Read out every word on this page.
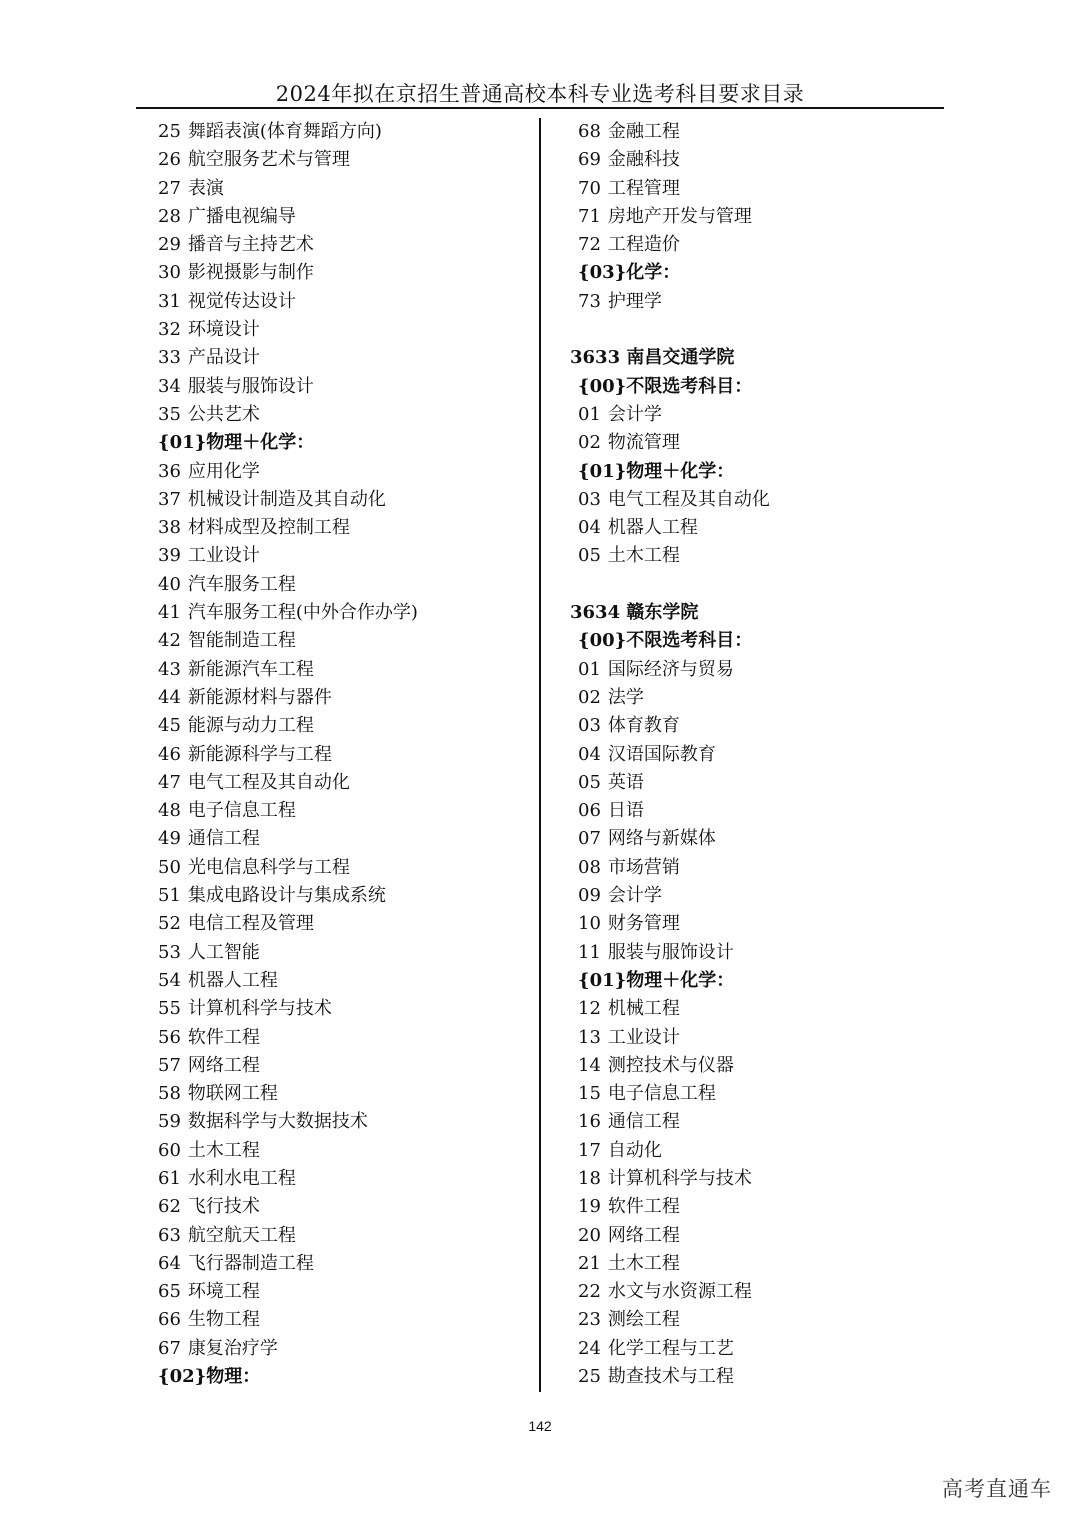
2024年拟在京招生普通高校本科专业选考科目要求目录
25 舞蹈表演(体育舞蹈方向)
26 航空服务艺术与管理
27 表演
28 广播电视编导
29 播音与主持艺术
30 影视摄影与制作
31 视觉传达设计
32 环境设计
33 产品设计
34 服装与服饰设计
35 公共艺术
{01}物理＋化学：
36 应用化学
37 机械设计制造及其自动化
38 材料成型及控制工程
39 工业设计
40 汽车服务工程
41 汽车服务工程(中外合作办学)
42 智能制造工程
43 新能源汽车工程
44 新能源材料与器件
45 能源与动力工程
46 新能源科学与工程
47 电气工程及其自动化
48 电子信息工程
49 通信工程
50 光电信息科学与工程
51 集成电路设计与集成系统
52 电信工程及管理
53 人工智能
54 机器人工程
55 计算机科学与技术
56 软件工程
57 网络工程
58 物联网工程
59 数据科学与大数据技术
60 土木工程
61 水利水电工程
62 飞行技术
63 航空航天工程
64 飞行器制造工程
65 环境工程
66 生物工程
67 康复治疗学
{02}物理：
68 金融工程
69 金融科技
70 工程管理
71 房地产开发与管理
72 工程造价
{03}化学：
73 护理学
3633 南昌交通学院
{00}不限选考科目：
01 会计学
02 物流管理
{01}物理＋化学：
03 电气工程及其自动化
04 机器人工程
05 土木工程
3634 赣东学院
{00}不限选考科目：
01 国际经济与贸易
02 法学
03 体育教育
04 汉语国际教育
05 英语
06 日语
07 网络与新媒体
08 市场营销
09 会计学
10 财务管理
11 服装与服饰设计
{01}物理＋化学：
12 机械工程
13 工业设计
14 测控技术与仪器
15 电子信息工程
16 通信工程
17 自动化
18 计算机科学与技术
19 软件工程
20 网络工程
21 土木工程
22 水文与水资源工程
23 测绘工程
24 化学工程与工艺
25 勘查技术与工程
142
高考直通车
